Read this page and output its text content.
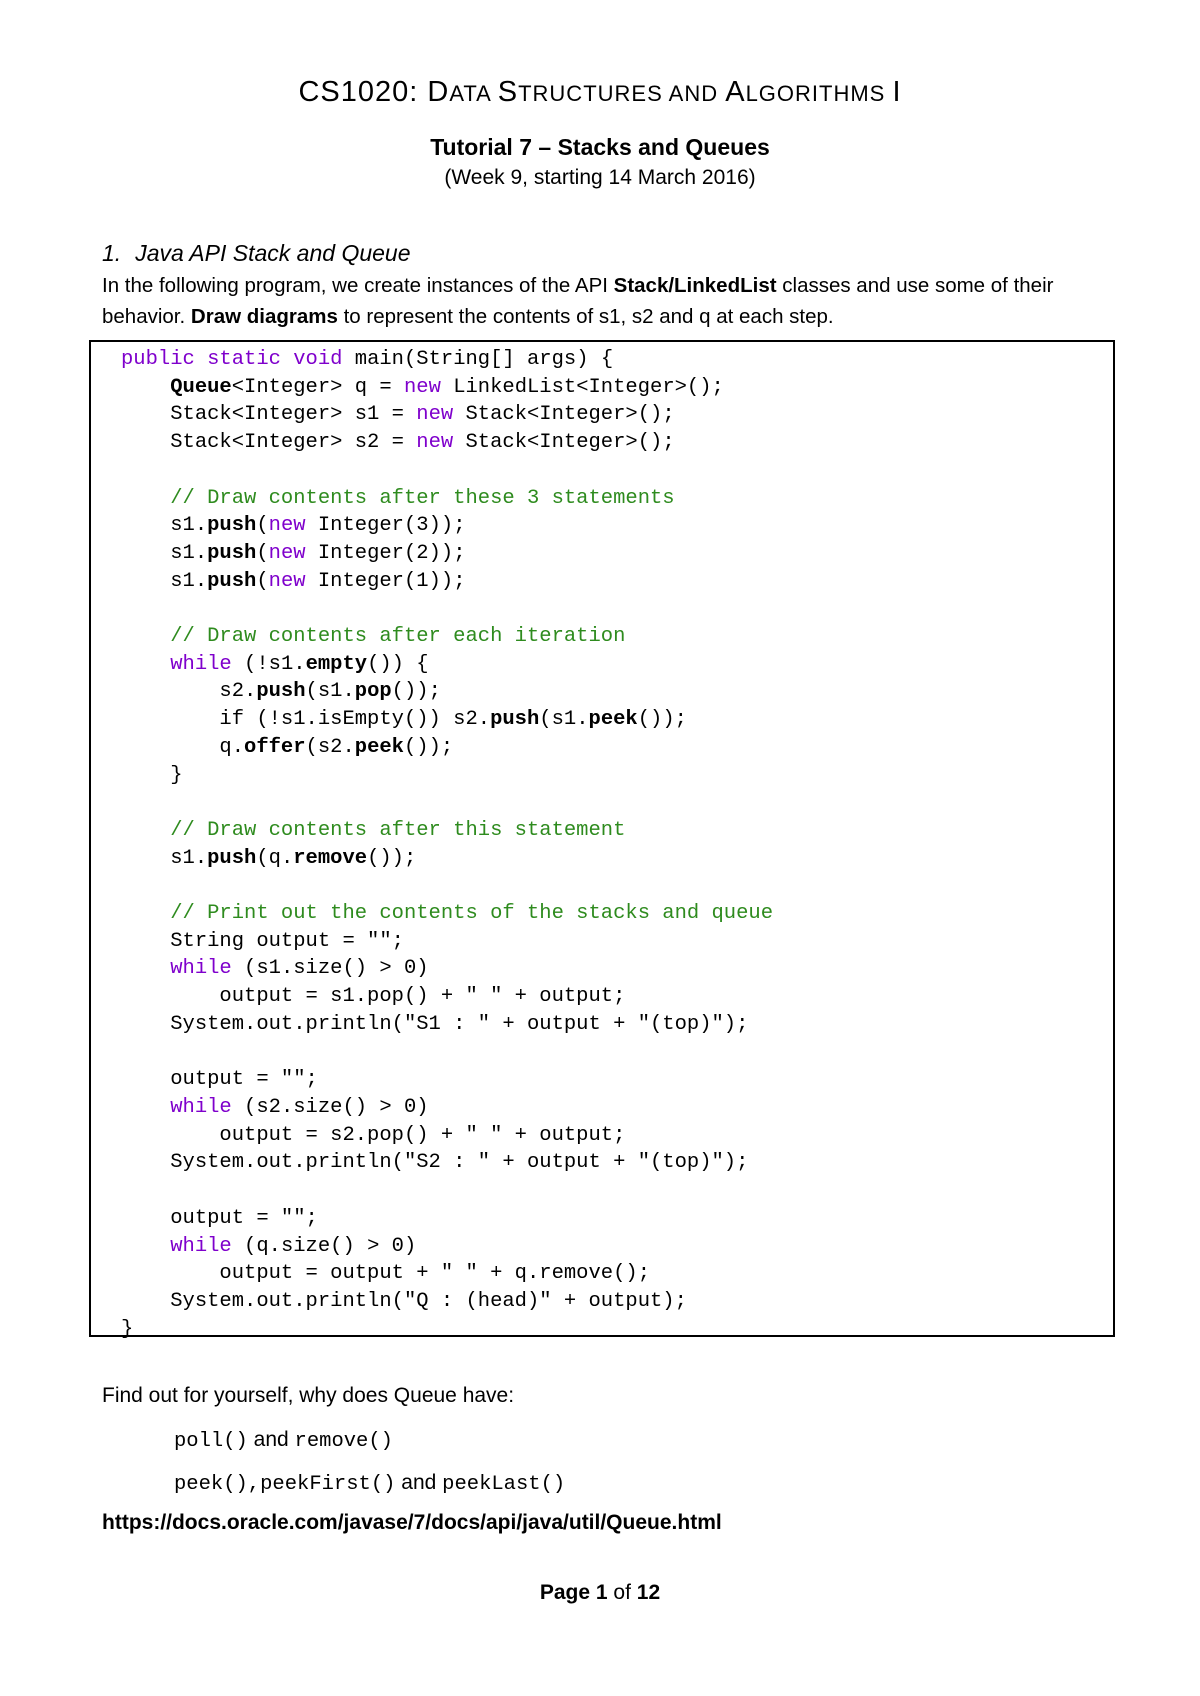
CS1020: DATA STRUCTURES AND ALGORITHMS I
Tutorial 7 – Stacks and Queues
(Week 9, starting 14 March 2016)
1. Java API Stack and Queue
In the following program, we create instances of the API Stack/LinkedList classes and use some of their behavior. Draw diagrams to represent the contents of s1, s2 and q at each step.
public static void main(String[] args) {
Queue<Integer> q = new LinkedList<Integer>();
Stack<Integer> s1 = new Stack<Integer>();
Stack<Integer> s2 = new Stack<Integer>();

// Draw contents after these 3 statements
s1.push(new Integer(3));
s1.push(new Integer(2));
s1.push(new Integer(1));

// Draw contents after each iteration
while (!s1.empty()) {
s2.push(s1.pop());
if (!s1.isEmpty()) s2.push(s1.peek());
q.offer(s2.peek());
}

// Draw contents after this statement
s1.push(q.remove());

// Print out the contents of the stacks and queue
String output = "";
while (s1.size() > 0)
output = s1.pop() + " " + output;
System.out.println("S1 : " + output + "(top)");

output = "";
while (s2.size() > 0)
output = s2.pop() + " " + output;
System.out.println("S2 : " + output + "(top)");

output = "";
while (q.size() > 0)
output = output + " " + q.remove();
System.out.println("Q : (head)" + output);
}
Find out for yourself, why does Queue have:
poll() and remove()
peek(),peekFirst() and peekLast()
https://docs.oracle.com/javase/7/docs/api/java/util/Queue.html
Page 1 of 12
